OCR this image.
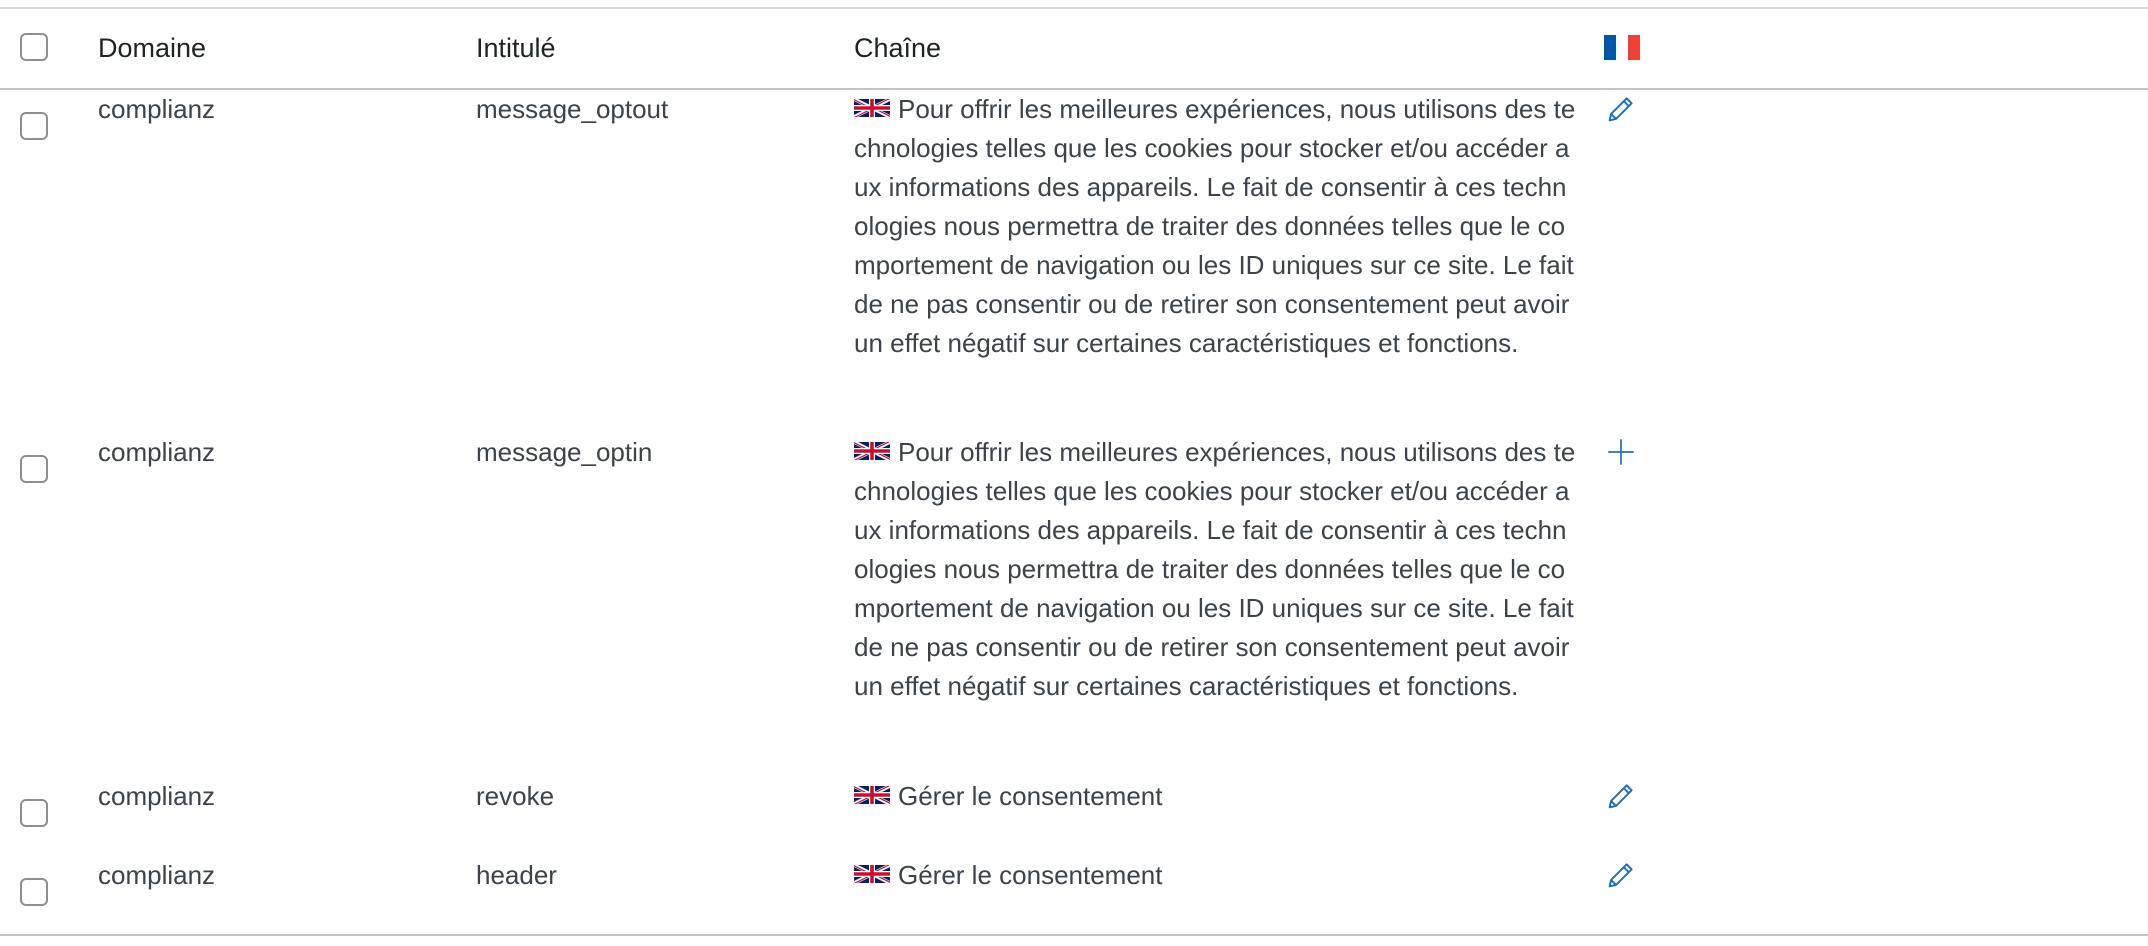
	Domaine	Intitulé	Chaîne	

	complianz	message_optout	Pour offrir les meilleures expériences, nous utilisons des technologies telles que les cookies pour stocker et/ou accéder aux informations des appareils. Le fait de consentir à ces technologies nous permettra de traiter des données telles que le comportement de navigation ou les ID uniques sur ce site. Le fait de ne pas consentir ou de retirer son consentement peut avoir un effet négatif sur certaines caractéristiques et fonctions.

	complianz	message_optin	Pour offrir les meilleures expériences, nous utilisons des technologies telles que les cookies pour stocker et/ou accéder aux informations des appareils. Le fait de consentir à ces technologies nous permettra de traiter des données telles que le comportement de navigation ou les ID uniques sur ce site. Le fait de ne pas consentir ou de retirer son consentement peut avoir un effet négatif sur certaines caractéristiques et fonctions.

	complianz	revoke	Gérer le consentement

	complianz	header	Gérer le consentement
